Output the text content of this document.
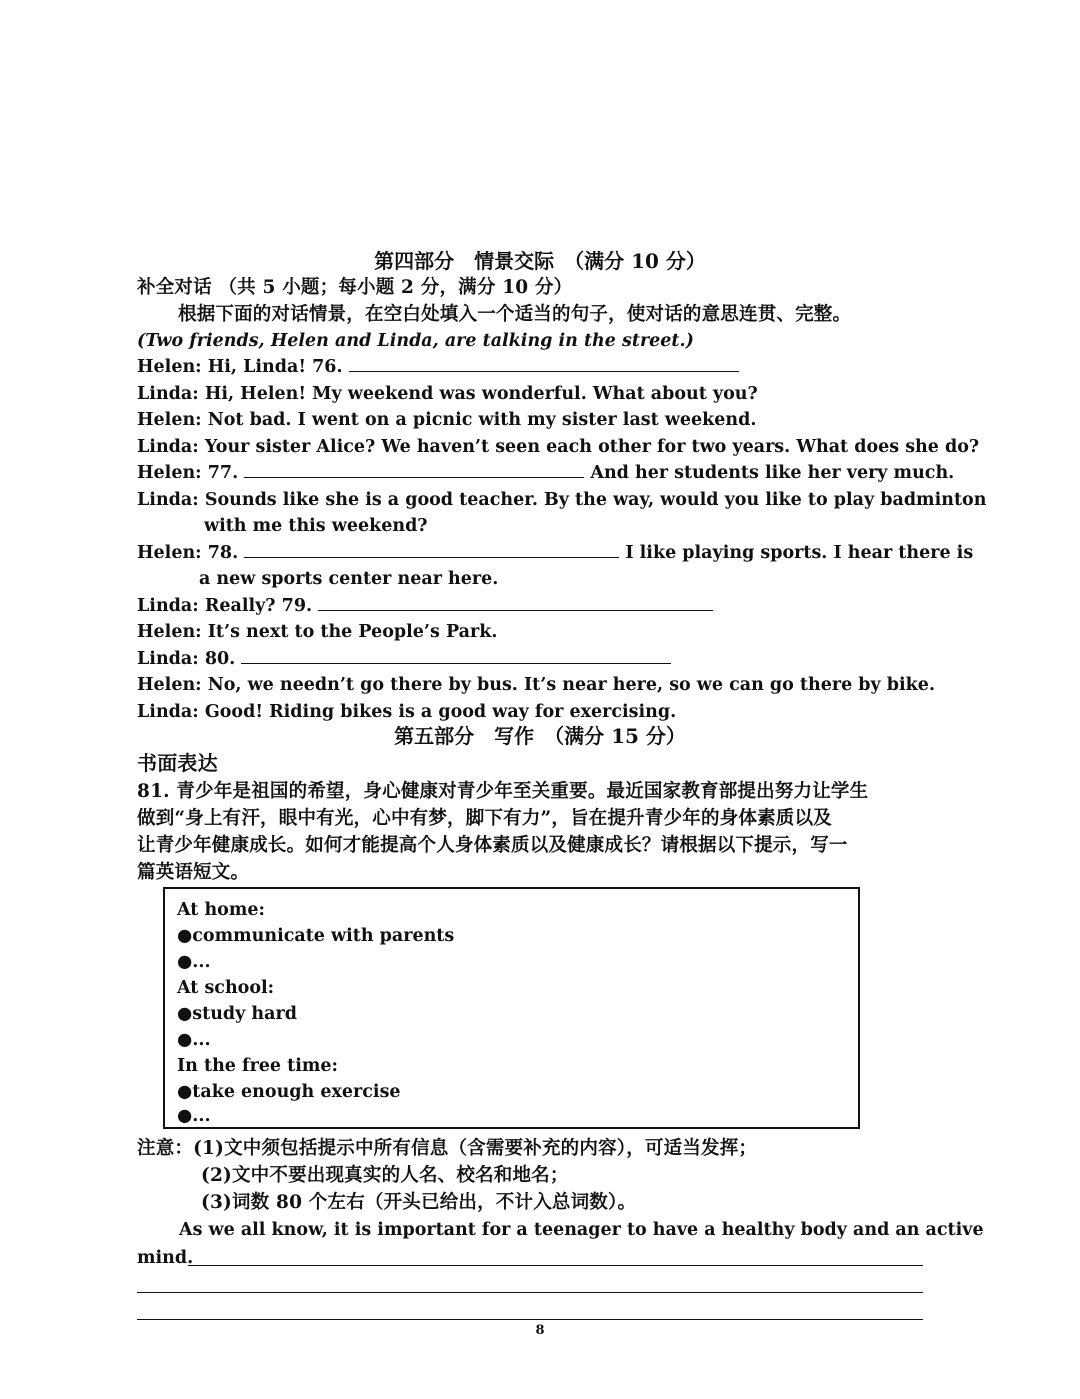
第四部分　情景交际　（满分 10 分）
补全对话 （共 5 小题；每小题 2 分，满分 10 分）
根据下面的对话情景，在空白处填入一个适当的句子，使对话的意思连贯、完整。
(Two friends, Helen and Linda, are talking in the street.)
Helen: Hi, Linda! 76.
Linda: Hi, Helen! My weekend was wonderful. What about you?
Helen: Not bad. I went on a picnic with my sister last weekend.
Linda: Your sister Alice? We haven’t seen each other for two years. What does she do?
Helen: 77.	And her students like her very much.
Linda: Sounds like she is a good teacher. By the way, would you like to play badminton
with me this weekend?
Helen: 78.	I like playing sports. I hear there is
a new sports center near here.
Linda: Really? 79.
Helen: It’s next to the People’s Park.
Linda: 80.
Helen: No, we needn’t go there by bus. It’s near here, so we can go there by bike.
Linda: Good! Riding bikes is a good way for exercising.
第五部分　写作　（满分 15 分）
书面表达
81. 青少年是祖国的希望，身心健康对青少年至关重要。最近国家教育部提出努力让学生
做到“身上有汗，眼中有光，心中有梦，脚下有力”，旨在提升青少年的身体素质以及
让青少年健康成长。如何才能提高个人身体素质以及健康成长？请根据以下提示，写一
篇英语短文。
At home:
●communicate with parents
●...
At school:
●study hard
●...
In the free time:
●take enough exercise
●...
注意：(1)文中须包括提示中所有信息（含需要补充的内容），可适当发挥；
(2)文中不要出现真实的人名、校名和地名；
(3)词数 80 个左右（开头已给出，不计入总词数）。
As we all know, it is important for a teenager to have a healthy body and an active
mind.
8
